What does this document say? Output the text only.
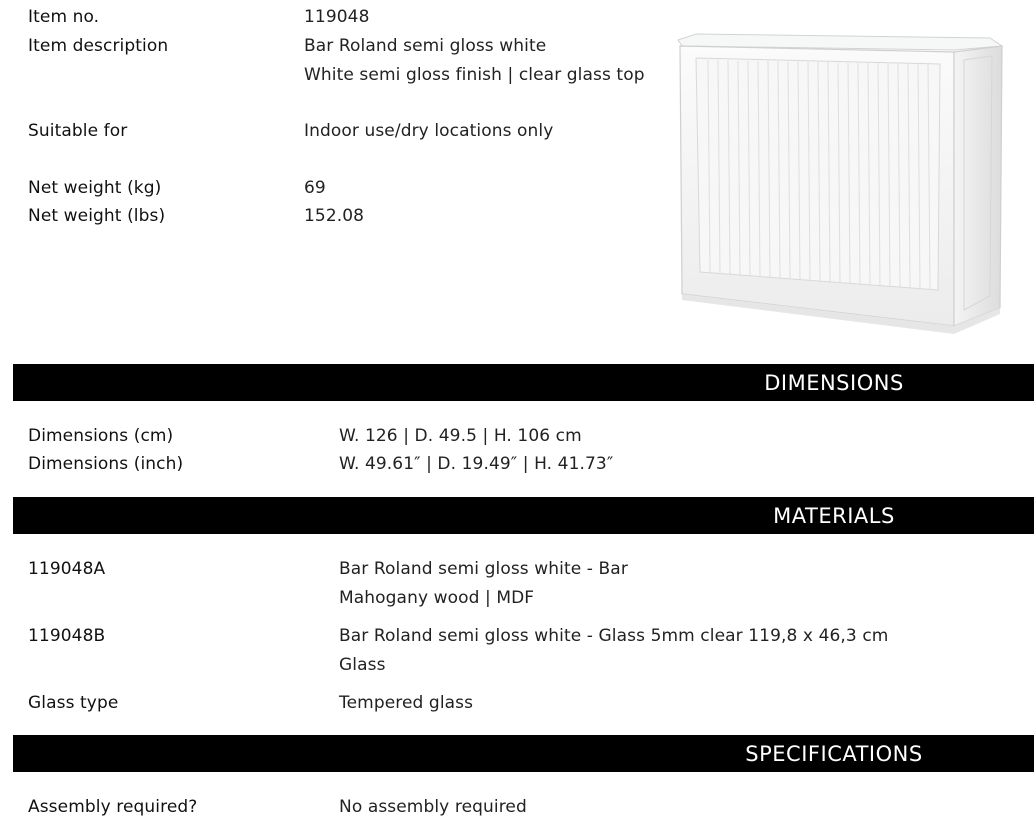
Item no.	119048
Item description	Bar Roland semi gloss white
White semi gloss finish | clear glass top
Suitable for	Indoor use/dry locations only
Net weight (kg)	69
Net weight (lbs)	152.08
DIMENSIONS
Dimensions (cm)	W. 126 | D. 49.5 | H. 106 cm
Dimensions (inch)	W. 49.61″ | D. 19.49″ | H. 41.73″
MATERIALS
119048A	Bar Roland semi gloss white - Bar
Mahogany wood | MDF
119048B	Bar Roland semi gloss white - Glass 5mm clear 119,8 x 46,3 cm
Glass
Glass type	Tempered glass
SPECIFICATIONS
Assembly required?	No assembly required
